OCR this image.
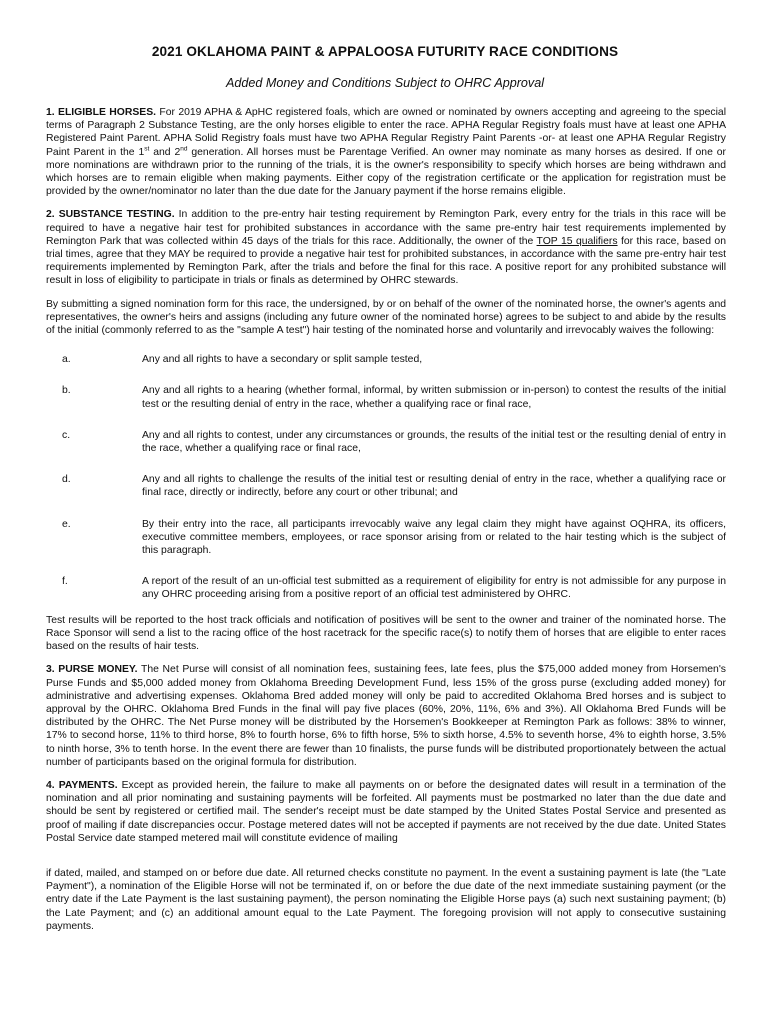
2021 OKLAHOMA PAINT & APPALOOSA FUTURITY RACE CONDITIONS
Added Money and Conditions Subject to OHRC Approval

1. ELIGIBLE HORSES. For 2019 APHA & ApHC registered foals, which are owned or nominated by owners accepting and agreeing to the special terms of Paragraph 2 Substance Testing, are the only horses eligible to enter the race. APHA Regular Registry foals must have at least one APHA Registered Paint Parent. APHA Solid Registry foals must have two APHA Regular Registry Paint Parents -or- at least one APHA Regular Registry Paint Parent in the 1st and 2nd generation. All horses must be Parentage Verified. An owner may nominate as many horses as desired. If one or more nominations are withdrawn prior to the running of the trials, it is the owner's responsibility to specify which horses are being withdrawn and which horses are to remain eligible when making payments. Either copy of the registration certificate or the application for registration must be provided by the owner/nominator no later than the due date for the January payment if the horse remains eligible.

2. SUBSTANCE TESTING. In addition to the pre-entry hair testing requirement by Remington Park, every entry for the trials in this race will be required to have a negative hair test for prohibited substances in accordance with the same pre-entry hair test requirements implemented by Remington Park that was collected within 45 days of the trials for this race. Additionally, the owner of the TOP 15 qualifiers for this race, based on trial times, agree that they MAY be required to provide a negative hair test for prohibited substances, in accordance with the same pre-entry hair test requirements implemented by Remington Park, after the trials and before the final for this race. A positive report for any prohibited substance will result in loss of eligibility to participate in trials or finals as determined by OHRC stewards.

By submitting a signed nomination form for this race, the undersigned, by or on behalf of the owner of the nominated horse, the owner's agents and representatives, the owner's heirs and assigns (including any future owner of the nominated horse) agrees to be subject to and abide by the results of the initial (commonly referred to as the "sample A test") hair testing of the nominated horse and voluntarily and irrevocably waives the following:

a.	Any and all rights to have a secondary or split sample tested,
b.	Any and all rights to a hearing (whether formal, informal, by written submission or in-person) to contest the results of the initial test or the resulting denial of entry in the race, whether a qualifying race or final race,
c.	Any and all rights to contest, under any circumstances or grounds, the results of the initial test or the resulting denial of entry in the race, whether a qualifying race or final race,
d.	Any and all rights to challenge the results of the initial test or resulting denial of entry in the race, whether a qualifying race or final race, directly or indirectly, before any court or other tribunal; and
e.	By their entry into the race, all participants irrevocably waive any legal claim they might have against OQHRA, its officers, executive committee members, employees, or race sponsor arising from or related to the hair testing which is the subject of this paragraph.
f.	A report of the result of an un-official test submitted as a requirement of eligibility for entry is not admissible for any purpose in any OHRC proceeding arising from a positive report of an official test administered by OHRC.

Test results will be reported to the host track officials and notification of positives will be sent to the owner and trainer of the nominated horse. The Race Sponsor will send a list to the racing office of the host racetrack for the specific race(s) to notify them of horses that are eligible to enter races based on the results of hair tests.

3. PURSE MONEY. The Net Purse will consist of all nomination fees, sustaining fees, late fees, plus the $75,000 added money from Horsemen's Purse Funds and $5,000 added money from Oklahoma Breeding Development Fund, less 15% of the gross purse (excluding added money) for administrative and advertising expenses. Oklahoma Bred added money will only be paid to accredited Oklahoma Bred horses and is subject to approval by the OHRC. Oklahoma Bred Funds in the final will pay five places (60%, 20%, 11%, 6% and 3%). All Oklahoma Bred Funds will be distributed by the OHRC. The Net Purse money will be distributed by the Horsemen's Bookkeeper at Remington Park as follows: 38% to winner, 17% to second horse, 11% to third horse, 8% to fourth horse, 6% to fifth horse, 5% to sixth horse, 4.5% to seventh horse, 4% to eighth horse, 3.5% to ninth horse, 3% to tenth horse. In the event there are fewer than 10 finalists, the purse funds will be distributed proportionately between the actual number of participants based on the original formula for distribution.

4. PAYMENTS. Except as provided herein, the failure to make all payments on or before the designated dates will result in a termination of the nomination and all prior nominating and sustaining payments will be forfeited. All payments must be postmarked no later than the due date and should be sent by registered or certified mail. The sender's receipt must be date stamped by the United States Postal Service and presented as proof of mailing if date discrepancies occur. Postage metered dates will not be accepted if payments are not received by the due date. United States Postal Service date stamped metered mail will constitute evidence of mailing

if dated, mailed, and stamped on or before due date. All returned checks constitute no payment. In the event a sustaining payment is late (the "Late Payment"), a nomination of the Eligible Horse will not be terminated if, on or before the due date of the next immediate sustaining payment (or the entry date if the Late Payment is the last sustaining payment), the person nominating the Eligible Horse pays (a) such next sustaining payment; (b) the Late Payment; and (c) an additional amount equal to the Late Payment. The foregoing provision will not apply to consecutive sustaining payments.
